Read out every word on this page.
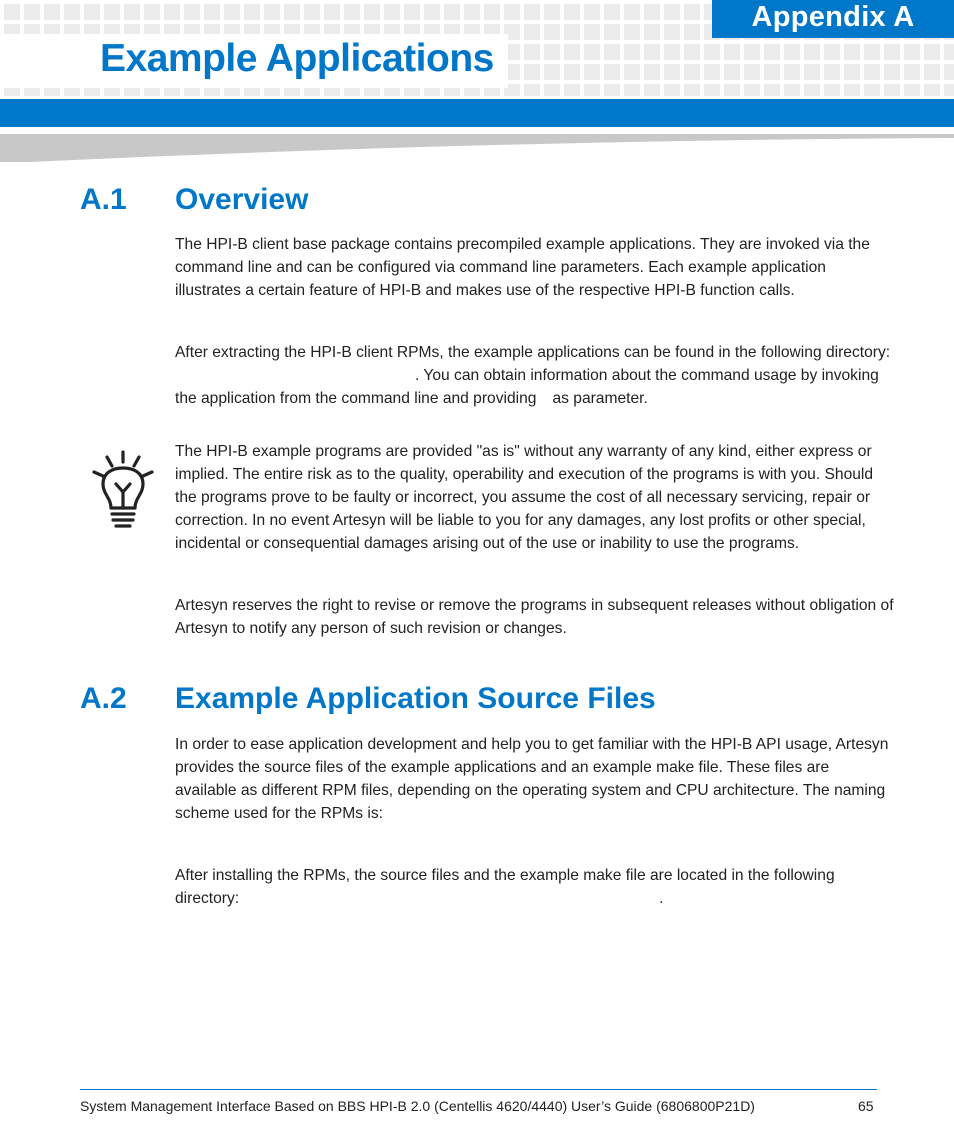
Appendix A
Example Applications
A.1 Overview

The HPI-B client base package contains precompiled example applications. They are invoked via the command line and can be configured via command line parameters. Each example application illustrates a certain feature of HPI-B and makes use of the respective HPI-B function calls.

After extracting the HPI-B client RPMs, the example applications can be found in the following directory:. You can obtain information about the command usage by invoking the application from the command line and providing as parameter.

The HPI-B example programs are provided "as is" without any warranty of any kind, either express or implied. The entire risk as to the quality, operability and execution of the programs is with you. Should the programs prove to be faulty or incorrect, you assume the cost of all necessary servicing, repair or correction. In no event Artesyn will be liable to you for any damages, any lost profits or other special, incidental or consequential damages arising out of the use or inability to use the programs.

Artesyn reserves the right to revise or remove the programs in subsequent releases without obligation of Artesyn to notify any person of such revision or changes.

A.2 Example Application Source Files

In order to ease application development and help you to get familiar with the HPI-B API usage, Artesyn provides the source files of the example applications and an example make file. These files are available as different RPM files, depending on the operating system and CPU architecture. The naming scheme used for the RPMs is:

After installing the RPMs, the source files and the example make file are located in the following directory:	.

System Management Interface Based on BBS HPI-B 2.0 (Centellis 4620/4440) User’s Guide (6806800P21D)	65
